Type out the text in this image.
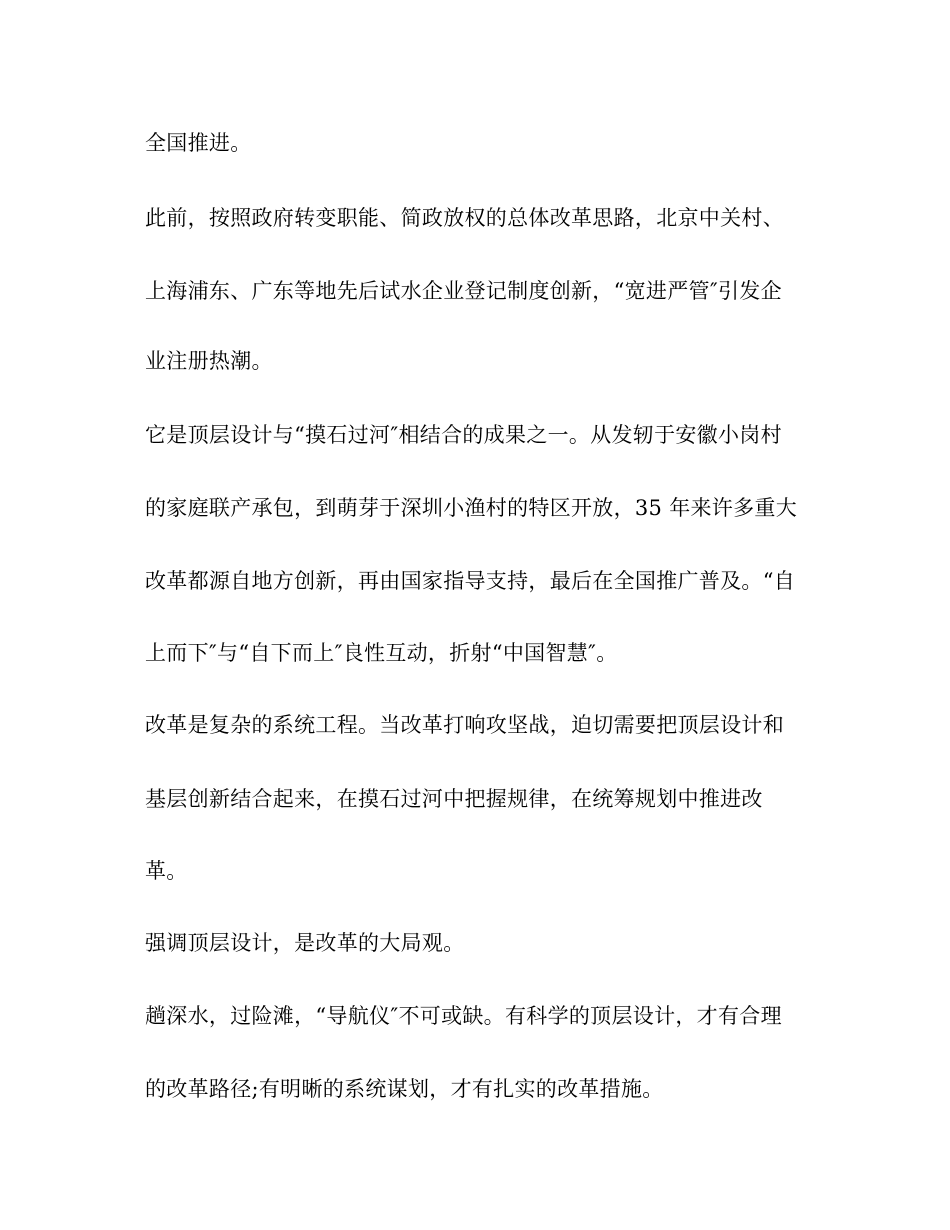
全国推进。

此前，按照政府转变职能、简政放权的总体改革思路，北京中关村、

上海浦东、广东等地先后试水企业登记制度创新，“宽进严管″引发企

业注册热潮。

它是顶层设计与“摸石过河″相结合的成果之一。从发轫于安徽小岗村

的家庭联产承包，到萌芽于深圳小渔村的特区开放，35 年来许多重大

改革都源自地方创新，再由国家指导支持，最后在全国推广普及。“自

上而下″与“自下而上″良性互动，折射“中国智慧″。

改革是复杂的系统工程。当改革打响攻坚战，迫切需要把顶层设计和

基层创新结合起来，在摸石过河中把握规律，在统筹规划中推进改

革。

强调顶层设计，是改革的大局观。

趟深水，过险滩，“导航仪″不可或缺。有科学的顶层设计，才有合理

的改革路径;有明晰的系统谋划，才有扎实的改革措施。
